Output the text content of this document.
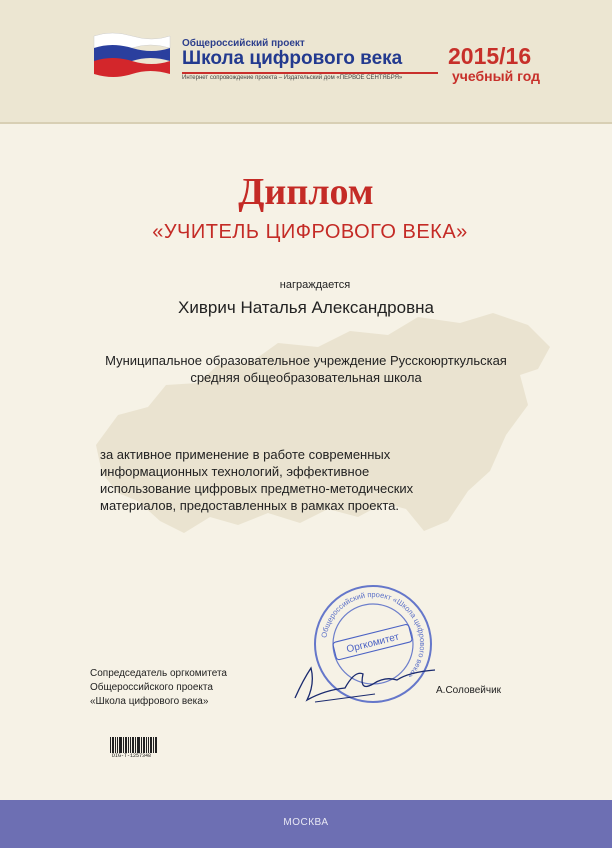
Общероссийский проект
Школа цифрового века
Интернет сопровождение проекта – Издательский дом «ПЕРВОЕ СЕНТЯБРЯ»
2015/16
учебный год
Диплом
«УЧИТЕЛЬ ЦИФРОВОГО ВЕКА»
награждается
Хиврич Наталья Александровна
Муниципальное образовательное учреждение Русскоюрткульская
средняя общеобразовательная школа
за активное применение в работе современных
информационных технологий, эффективное
использование цифровых предметно-методических
материалов, предоставленных в рамках проекта.
Сопредседатель оргкомитета
Общероссийского проекта
«Школа цифрового века»
Общероссийский проект «Школа цифрового века»
Оргкомитет
А.Соловейчик
DIG-T-1257348
МОСКВА
